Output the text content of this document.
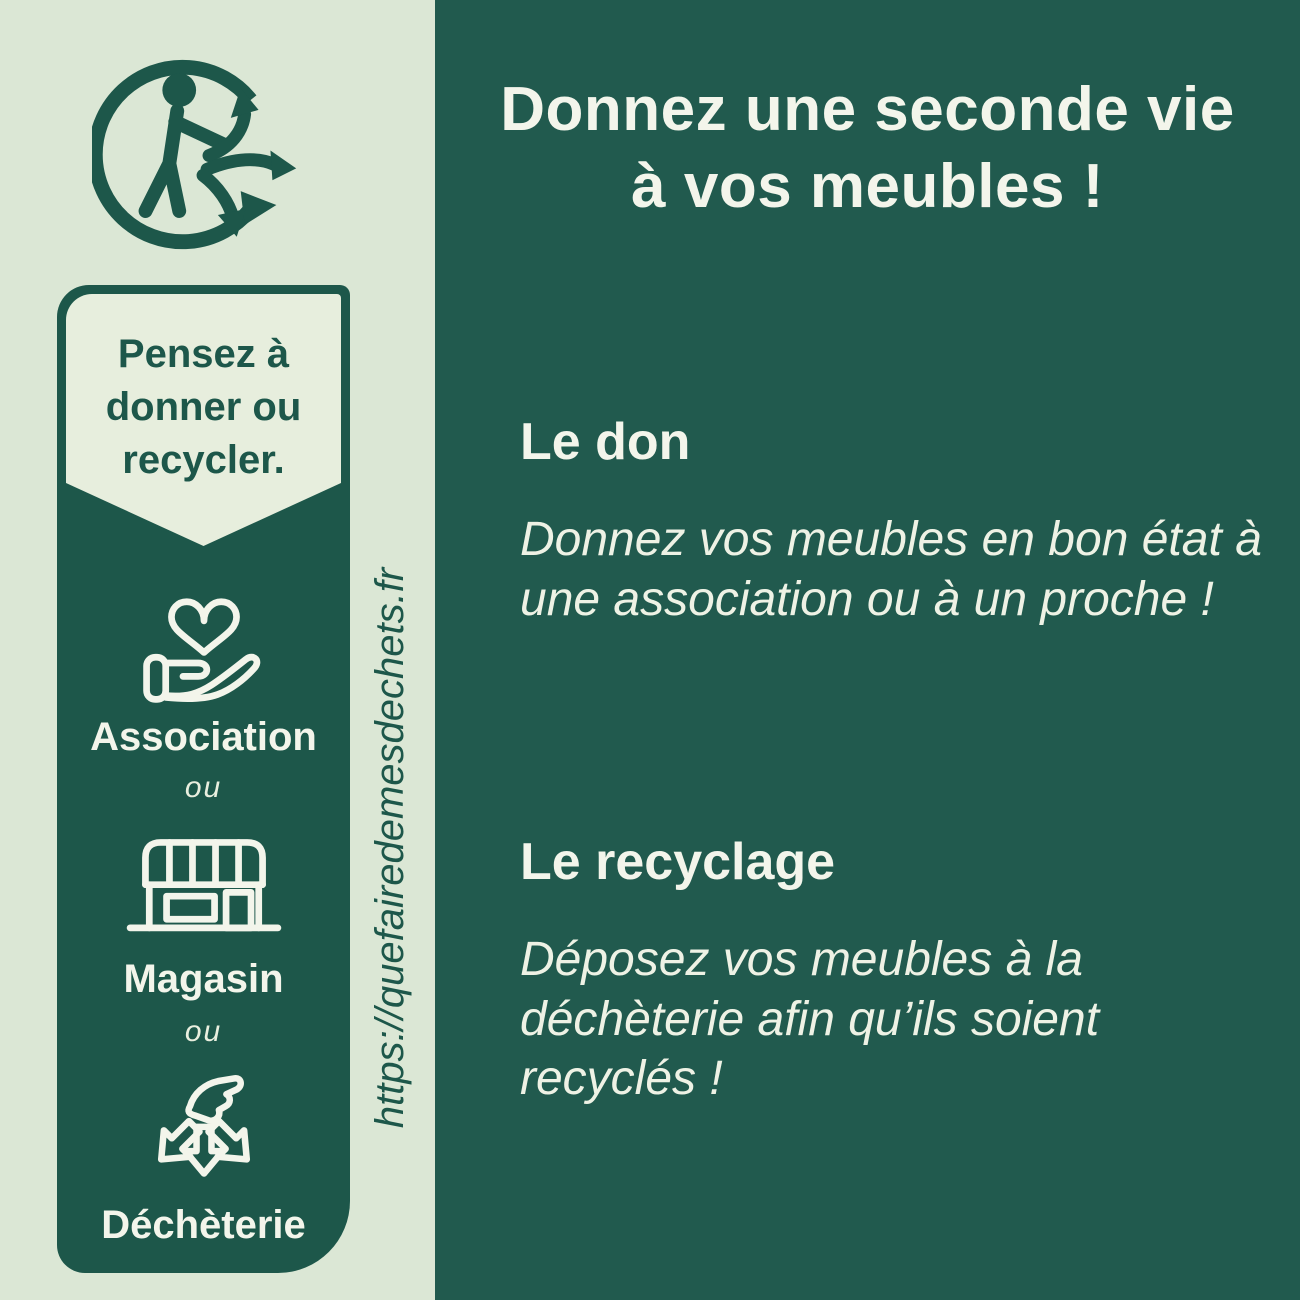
Pensez à donner ou recycler.
Association
ou
Magasin
ou
Déchèterie
https://quefairedemesdechets.fr
Donnez une seconde vie
à vos meubles !
Le don

Donnez vos meubles en bon état à une association ou à un proche !

Le recyclage

Déposez vos meubles à la déchèterie afin qu’ils soient recyclés !
